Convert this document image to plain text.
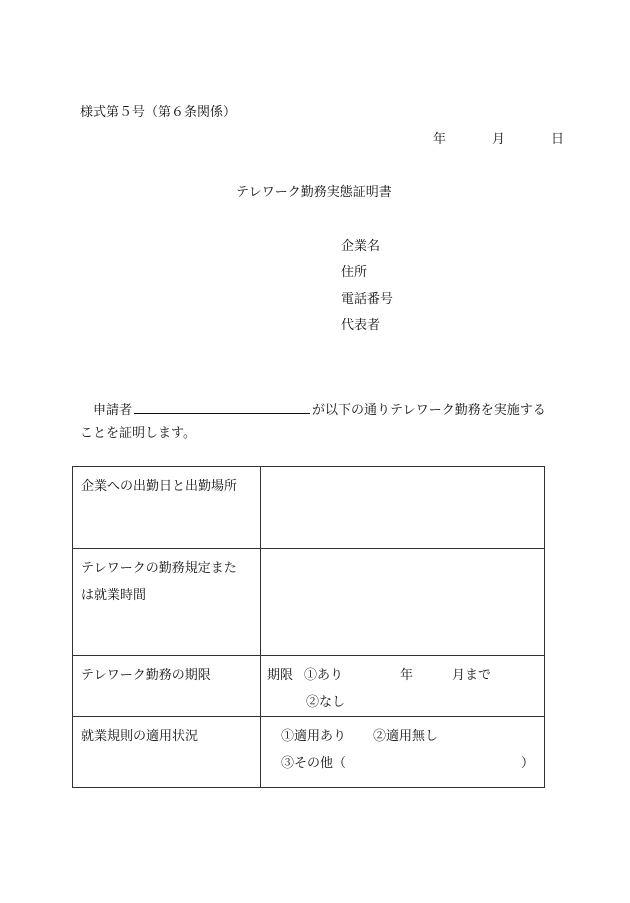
様式第５号（第６条関係）
年	月	日
テレワーク勤務実態証明書
企業名
住所
電話番号
代表者
申請者	が以下の通りテレワーク勤務を実施する
ことを証明します。
企業への出勤日と出勤場所	

テレワークの勤務規定また
は就業時間	

テレワーク勤務の期限	期限 ①あり 年 月まで
②なし

就業規則の適用状況	①適用あり ②適用無し
③その他（ ）
